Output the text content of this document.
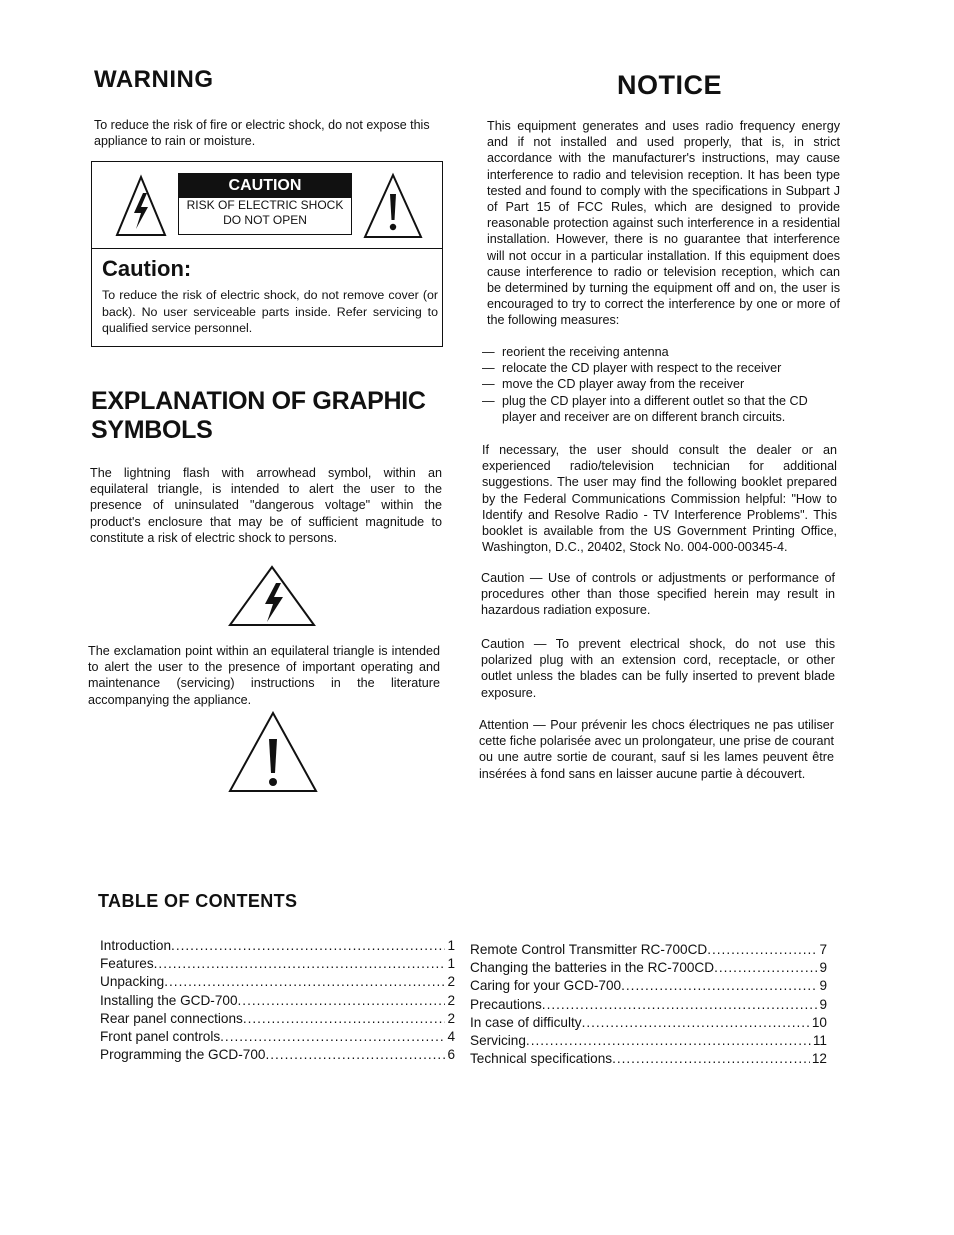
WARNING
To reduce the risk of fire or electric shock, do not expose this appliance to rain or moisture.
CAUTION
RISK OF ELECTRIC SHOCK
DO NOT OPEN
Caution:
To reduce the risk of electric shock, do not remove cover (or back). No user serviceable parts inside. Refer servicing to qualified service personnel.
EXPLANATION OF GRAPHIC SYMBOLS
The lightning flash with arrowhead symbol, within an equilateral triangle, is intended to alert the user to the presence of uninsulated "dangerous voltage" within the product's enclosure that may be of sufficient magnitude to constitute a risk of electric shock to persons.
The exclamation point within an equilateral triangle is intended to alert the user to the presence of important operating and maintenance (servicing) instructions in the literature accompanying the appliance.
NOTICE
This equipment generates and uses radio frequency energy and if not installed and used properly, that is, in strict accordance with the manufacturer's instructions, may cause interference to radio and television reception. It has been type tested and found to comply with the specifications in Subpart J of Part 15 of FCC Rules, which are designed to provide reasonable protection against such interference in a residential installation. However, there is no guarantee that interference will not occur in a particular installation. If this equipment does cause interference to radio or television reception, which can be determined by turning the equipment off and on, the user is encouraged to try to correct the interference by one or more of the following measures:
— reorient the receiving antenna
— relocate the CD player with respect to the receiver
— move the CD player away from the receiver
— plug the CD player into a different outlet so that the CD player and receiver are on different branch circuits.
If necessary, the user should consult the dealer or an experienced radio/television technician for additional suggestions. The user may find the following booklet prepared by the Federal Communications Commission helpful: "How to Identify and Resolve Radio - TV Interference Problems". This booklet is available from the US Government Printing Office, Washington, D.C., 20402, Stock No. 004-000-00345-4.
Caution — Use of controls or adjustments or performance of procedures other than those specified herein may result in hazardous radiation exposure.
Caution — To prevent electrical shock, do not use this polarized plug with an extension cord, receptacle, or other outlet unless the blades can be fully inserted to prevent blade exposure.
Attention — Pour prévenir les chocs électriques ne pas utiliser cette fiche polarisée avec un prolongateur, une prise de courant ou une autre sortie de courant, sauf si les lames peuvent être insérées à fond sans en laisser aucune partie à découvert.
TABLE OF CONTENTS
Introduction .....	1
Features .....	1
Unpacking .....	2
Installing the GCD-700 .....	2
Rear panel connections .....	2
Front panel controls .....	4
Programming the GCD-700 .....	6
Remote Control Transmitter RC-700CD .....	7
Changing the batteries in the RC-700CD .....	9
Caring for your GCD-700 .....	9
Precautions .....	9
In case of difficulty .....	10
Servicing .....	11
Technical specifications .....	12
